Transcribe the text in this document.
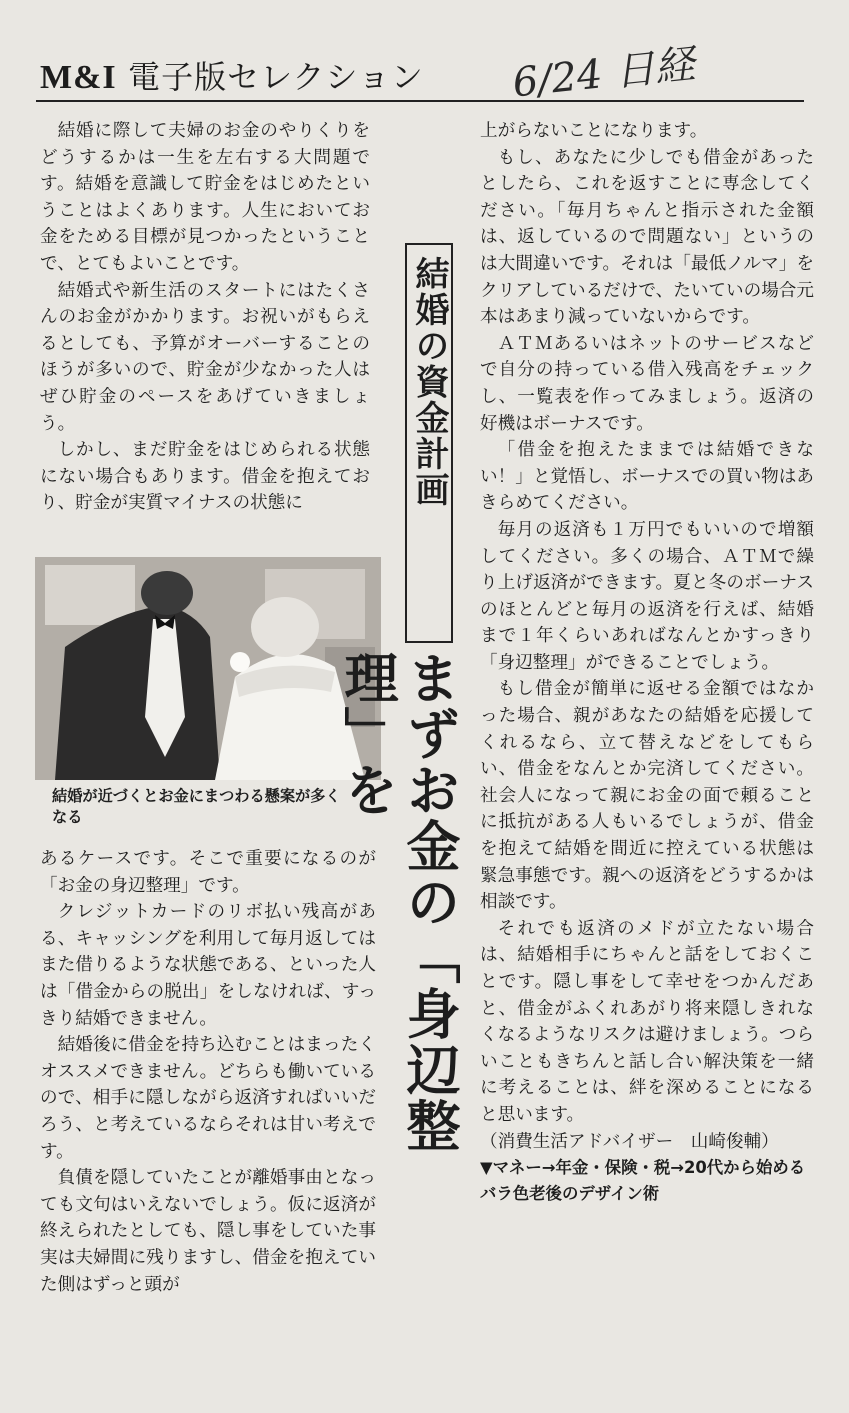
M&I 電子版セレクション 6/24 日経

結婚に際して夫婦のお金のやりくりをどうするかは一生を左右する大問題です。結婚を意識して貯金をはじめたということはよくあります。人生においてお金をためる目標が見つかったということで、とてもよいことです。

結婚式や新生活のスタートにはたくさんのお金がかかります。お祝いがもらえるとしても、予算がオーバーすることのほうが多いので、貯金が少なかった人はぜひ貯金のペースをあげていきましょう。

しかし、まだ貯金をはじめられる状態にない場合もあります。借金を抱えており、貯金が実質マイナスの状態に

結婚が近づくとお金にまつわる懸案が多くなる

あるケースです。そこで重要になるのが「お金の身辺整理」です。

クレジットカードのリボ払い残高がある、キャッシングを利用して毎月返してはまた借りるような状態である、といった人は「借金からの脱出」をしなければ、すっきり結婚できません。

結婚後に借金を持ち込むことはまったくオススメできません。どちらも働いているので、相手に隠しながら返済すればいいだろう、と考えているならそれは甘い考えです。

負債を隠していたことが離婚事由となっても文句はいえないでしょう。仮に返済が終えられたとしても、隠し事をしていた事実は夫婦間に残りますし、借金を抱えていた側はずっと頭が

結婚の資金計画
まずお金の「身辺整理」を

上がらないことになります。

もし、あなたに少しでも借金があったとしたら、これを返すことに専念してください。「毎月ちゃんと指示された金額は、返しているので問題ない」というのは大間違いです。それは「最低ノルマ」をクリアしているだけで、たいていの場合元本はあまり減っていないからです。

ＡＴＭあるいはネットのサービスなどで自分の持っている借入残高をチェックし、一覧表を作ってみましょう。返済の好機はボーナスです。

「借金を抱えたままでは結婚できない！」と覚悟し、ボーナスでの買い物はあきらめてください。

毎月の返済も１万円でもいいので増額してください。多くの場合、ＡＴＭで繰り上げ返済ができます。夏と冬のボーナスのほとんどと毎月の返済を行えば、結婚まで１年くらいあればなんとかすっきり「身辺整理」ができることでしょう。

もし借金が簡単に返せる金額ではなかった場合、親があなたの結婚を応援してくれるなら、立て替えなどをしてもらい、借金をなんとか完済してください。社会人になって親にお金の面で頼ることに抵抗がある人もいるでしょうが、借金を抱えて結婚を間近に控えている状態は緊急事態です。親への返済をどうするかは相談です。

それでも返済のメドが立たない場合は、結婚相手にちゃんと話をしておくことです。隠し事をして幸せをつかんだあと、借金がふくれあがり将来隠しきれなくなるようなリスクは避けましょう。つらいこともきちんと話し合い解決策を一緒に考えることは、絆を深めることになると思います。

（消費生活アドバイザー　山崎俊輔）

▼マネー→年金・保険・税→20代から始める　バラ色老後のデザイン術
